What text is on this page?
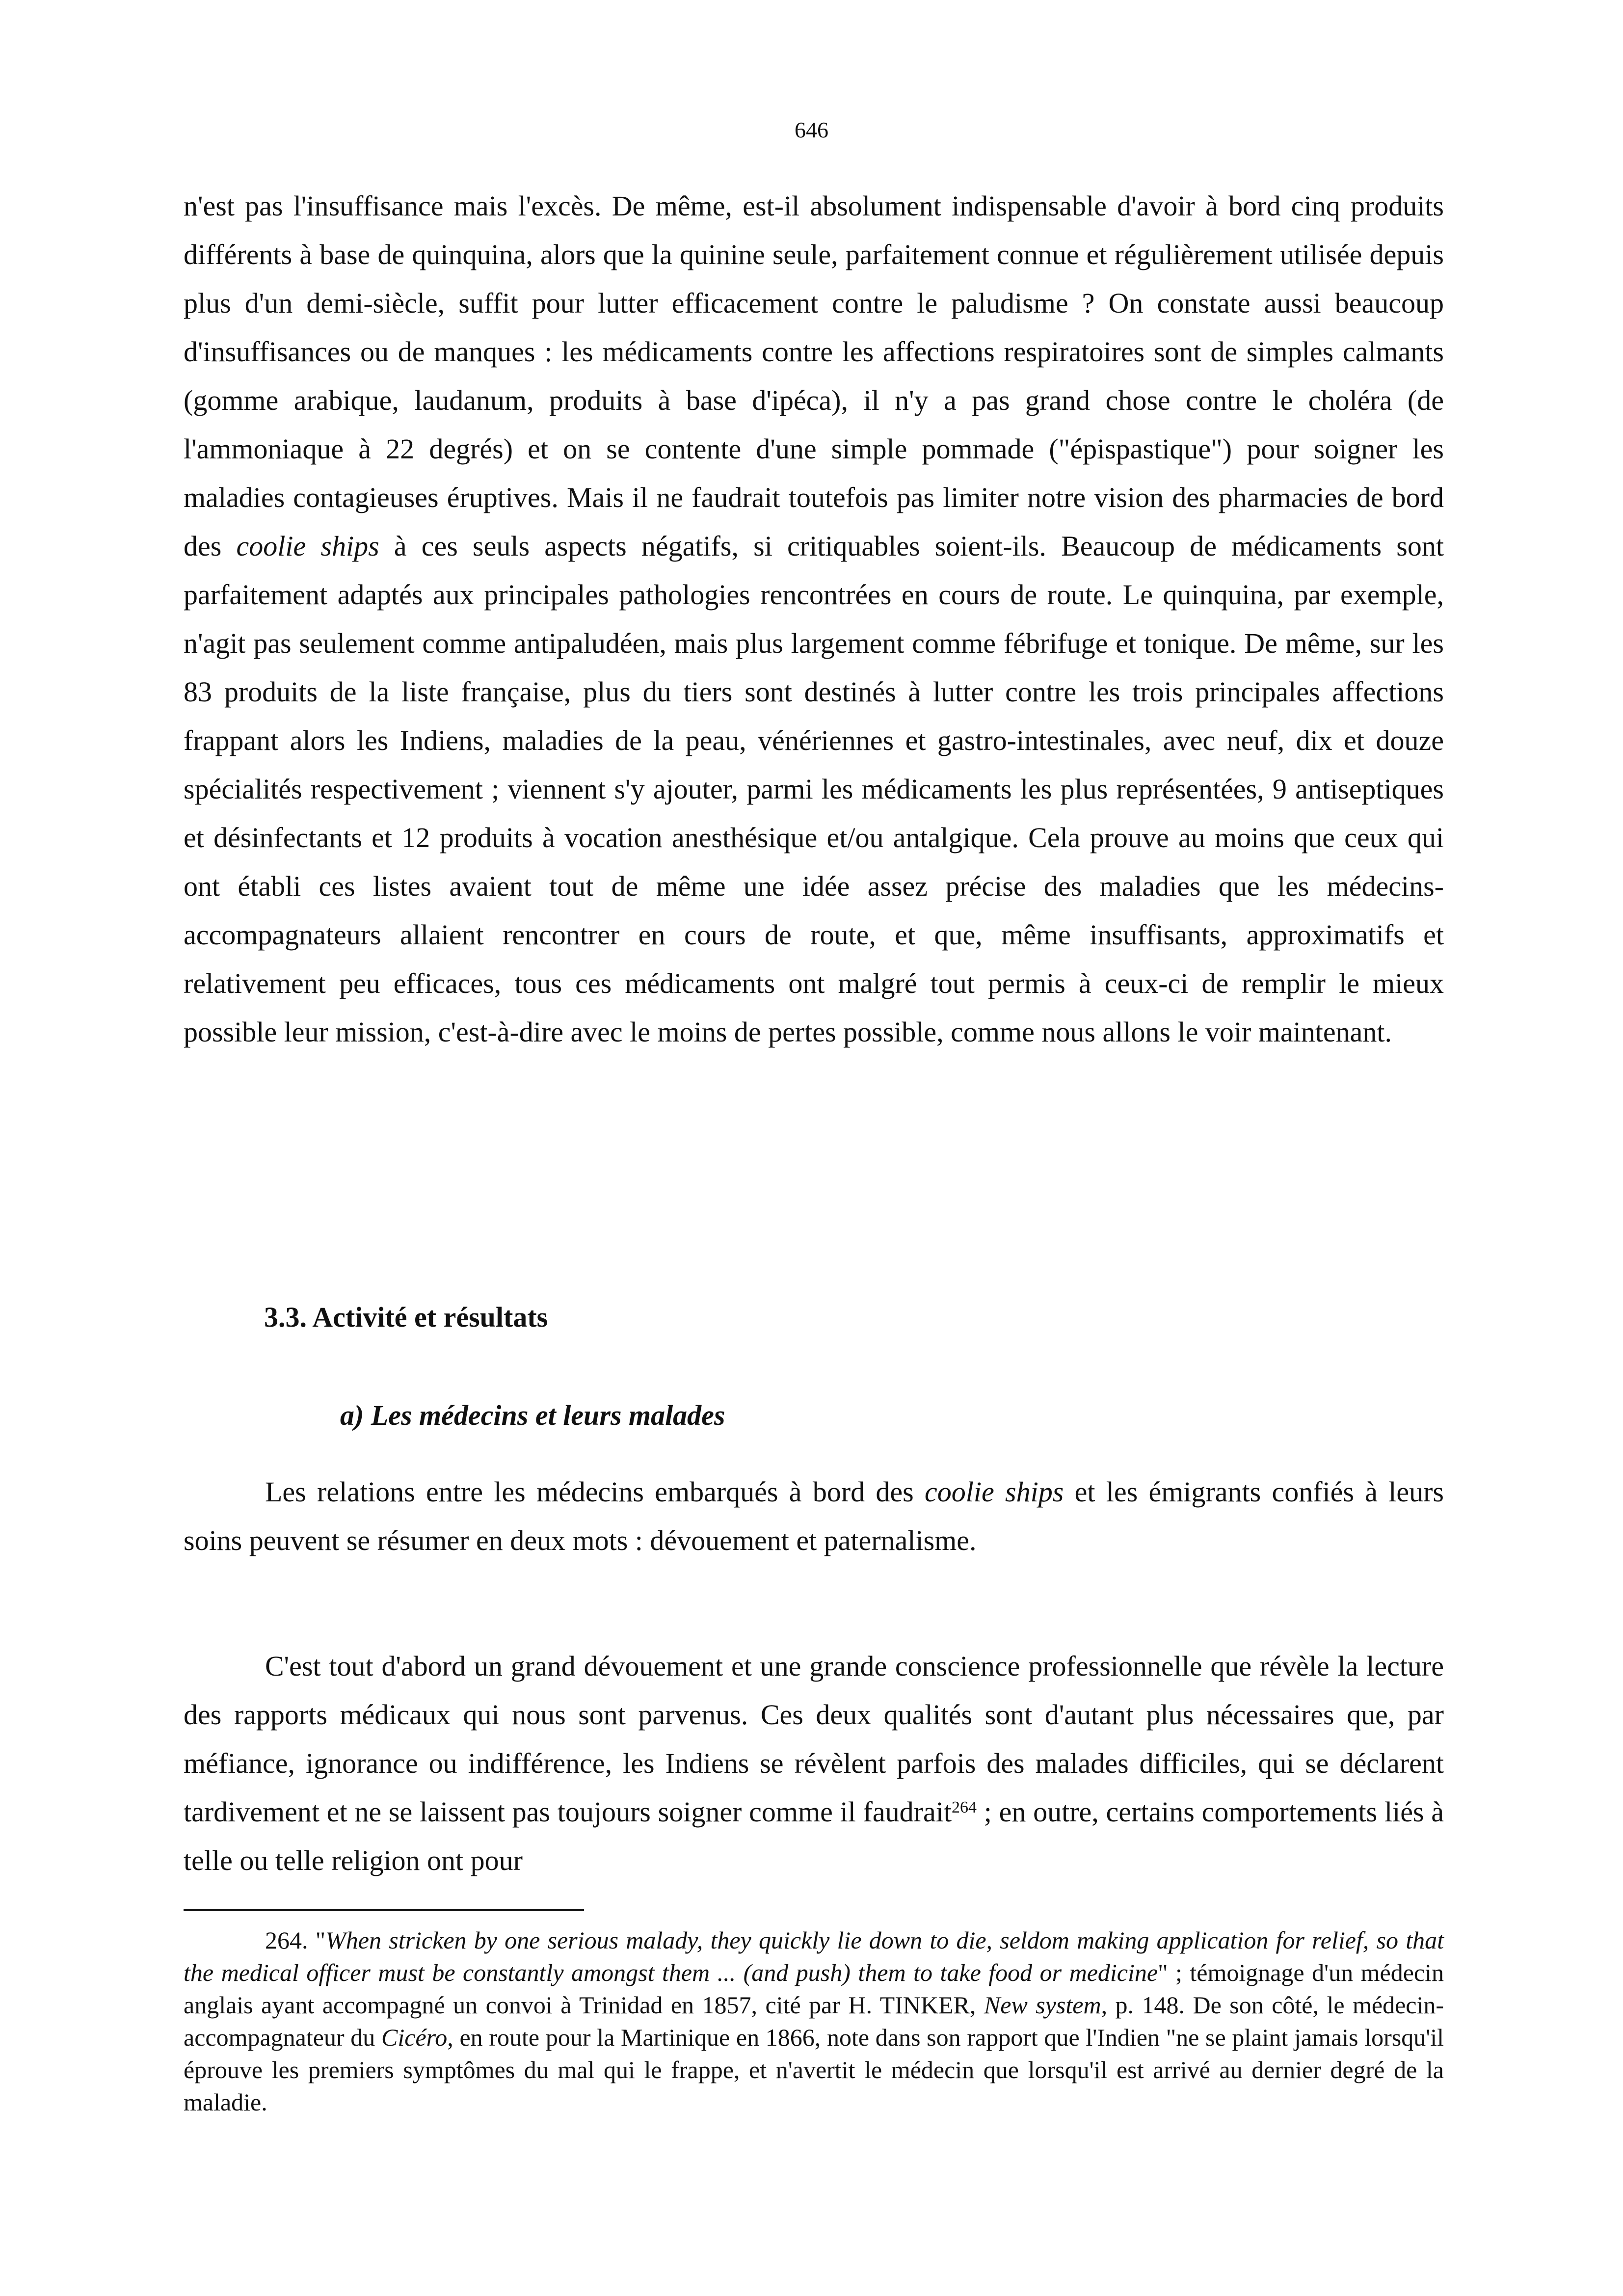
646

n'est pas l'insuffisance mais l'excès. De même, est-il absolument indispensable d'avoir à bord cinq produits différents à base de quinquina, alors que la quinine seule, parfaitement connue et régulièrement utilisée depuis plus d'un demi-siècle, suffit pour lutter efficacement contre le paludisme ? On constate aussi beaucoup d'insuffisances ou de manques : les médicaments contre les affections respiratoires sont de simples calmants (gomme arabique, laudanum, produits à base d'ipéca), il n'y a pas grand chose contre le choléra (de l'ammoniaque à 22 degrés) et on se contente d'une simple pommade ("épispastique") pour soigner les maladies contagieuses éruptives. Mais il ne faudrait toutefois pas limiter notre vision des pharmacies de bord des coolie ships à ces seuls aspects négatifs, si critiquables soient-ils. Beaucoup de médicaments sont parfaitement adaptés aux principales pathologies rencontrées en cours de route. Le quinquina, par exemple, n'agit pas seulement comme antipaludéen, mais plus largement comme fébrifuge et tonique. De même, sur les 83 produits de la liste française, plus du tiers sont destinés à lutter contre les trois principales affections frappant alors les Indiens, maladies de la peau, vénériennes et gastro-intestinales, avec neuf, dix et douze spécialités respectivement ; viennent s'y ajouter, parmi les médicaments les plus représentées, 9 antiseptiques et désinfectants et 12 produits à vocation anesthésique et/ou antalgique. Cela prouve au moins que ceux qui ont établi ces listes avaient tout de même une idée assez précise des maladies que les médecins-accompagnateurs allaient rencontrer en cours de route, et que, même insuffisants, approximatifs et relativement peu efficaces, tous ces médicaments ont malgré tout permis à ceux-ci de remplir le mieux possible leur mission, c'est-à-dire avec le moins de pertes possible, comme nous allons le voir maintenant.

3.3. Activité et résultats
a) Les médecins et leurs malades

Les relations entre les médecins embarqués à bord des coolie ships et les émigrants confiés à leurs soins peuvent se résumer en deux mots : dévouement et paternalisme.

C'est tout d'abord un grand dévouement et une grande conscience professionnelle que révèle la lecture des rapports médicaux qui nous sont parvenus. Ces deux qualités sont d'autant plus nécessaires que, par méfiance, ignorance ou indifférence, les Indiens se révèlent parfois des malades difficiles, qui se déclarent tardivement et ne se laissent pas toujours soigner comme il faudrait$^{264}$ ; en outre, certains comportements liés à telle ou telle religion ont pour

264. "When stricken by one serious malady, they quickly lie down to die, seldom making application for relief, so that the medical officer must be constantly amongst them ... (and push) them to take food or medicine" ; témoignage d'un médecin anglais ayant accompagné un convoi à Trinidad en 1857, cité par H. TINKER, New system, p. 148. De son côté, le médecin-accompagnateur du Cicéro, en route pour la Martinique en 1866, note dans son rapport que l'Indien "ne se plaint jamais lorsqu'il éprouve les premiers symptômes du mal qui le frappe, et n'avertit le médecin que lorsqu'il est arrivé au dernier degré de la maladie.
